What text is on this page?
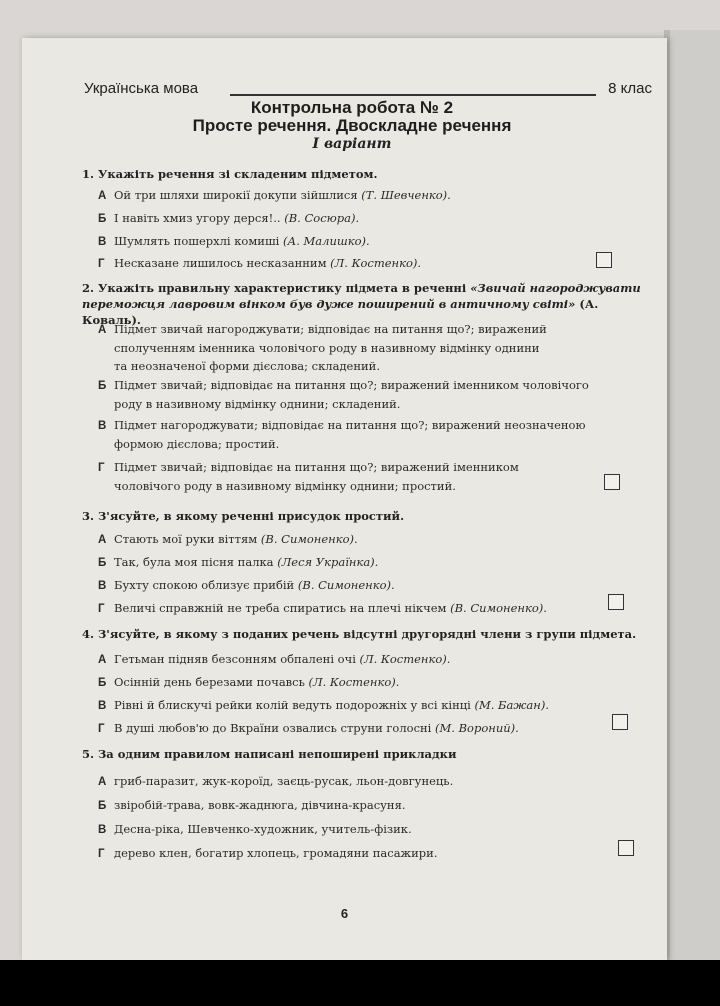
Українська мова	8 клас
Контрольна робота № 2
Просте речення. Двоскладне речення
I варіант
1. Укажіть речення зі складеним підметом.
А Ой три шляхи широкії докупи зійшлися (Т. Шевченко).
Б І навіть хмиз угору дерся!.. (В. Сосюра).
В Шумлять пошерхлі комиші (А. Малишко).
Г Несказане лишилось несказанним (Л. Костенко).
2. Укажіть правильну характеристику підмета в реченні «Звичай нагороджувати переможця лавровим вінком був дуже поширений в античному світі» (А. Коваль).
А Підмет звичай нагороджувати; відповідає на питання що?; виражений
сполученням іменника чоловічого роду в називному відмінку однини
та неозначеної форми дієслова; складений.
Б Підмет звичай; відповідає на питання що?; виражений іменником чоловічого
роду в називному відмінку однини; складений.
В Підмет нагороджувати; відповідає на питання що?; виражений неозначеною
формою дієслова; простий.
Г Підмет звичай; відповідає на питання що?; виражений іменником
чоловічого роду в називному відмінку однини; простий.
3. З'ясуйте, в якому реченні присудок простий.
А Стають мої руки віттям (В. Симоненко).
Б Так, була моя пісня палка (Леся Українка).
В Бухту спокою облизує прибій (В. Симоненко).
Г Величі справжній не треба спиратись на плечі нікчем (В. Симоненко).
4. З'ясуйте, в якому з поданих речень відсутні другорядні члени з групи підмета.
А Гетьман підняв безсонням обпалені очі (Л. Костенко).
Б Осінній день березами почавсь (Л. Костенко).
В Рівні й блискучі рейки колій ведуть подорожніх у всі кінці (М. Бажан).
Г В душі любов'ю до Вкраїни озвались струни голосні (М. Вороний).
5. За одним правилом написані непоширені прикладки
А гриб-паразит, жук-короїд, заєць-русак, льон-довгунець.
Б звіробій-трава, вовк-жаднюга, дівчина-красуня.
В Десна-ріка, Шевченко-художник, учитель-фізик.
Г дерево клен, богатир хлопець, громадяни пасажири.
6
